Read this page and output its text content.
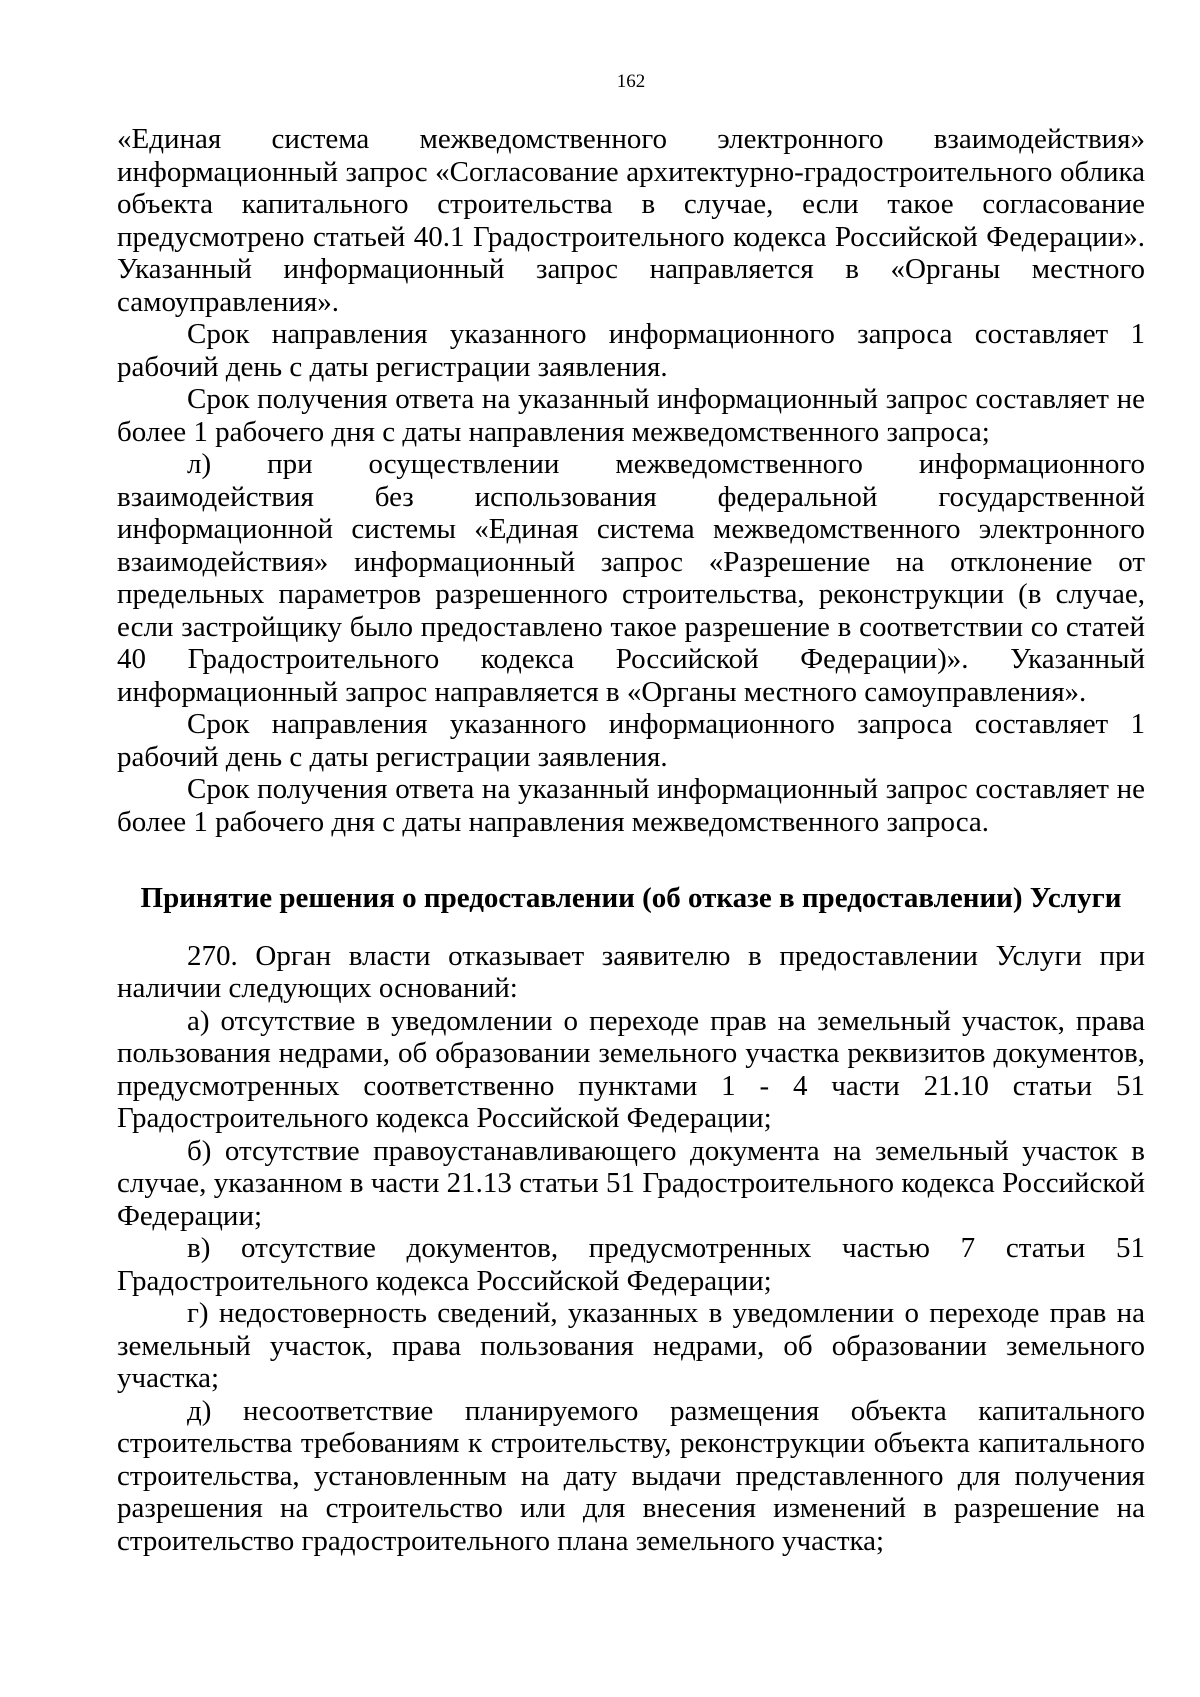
162

«Единая система межведомственного электронного взаимодействия» информационный запрос «Согласование архитектурно-градостроительного облика объекта капитального строительства в случае, если такое согласование предусмотрено статьей 40.1 Градостроительного кодекса Российской Федерации». Указанный информационный запрос направляется в «Органы местного самоуправления».

Срок направления указанного информационного запроса составляет 1 рабочий день с даты регистрации заявления.

Срок получения ответа на указанный информационный запрос составляет не более 1 рабочего дня с даты направления межведомственного запроса;

л) при осуществлении межведомственного информационного взаимодействия без использования федеральной государственной информационной системы «Единая система межведомственного электронного взаимодействия» информационный запрос «Разрешение на отклонение от предельных параметров разрешенного строительства, реконструкции (в случае, если застройщику было предоставлено такое разрешение в соответствии со статей 40 Градостроительного кодекса Российской Федерации)». Указанный информационный запрос направляется в «Органы местного самоуправления».

Срок направления указанного информационного запроса составляет 1 рабочий день с даты регистрации заявления.

Срок получения ответа на указанный информационный запрос составляет не более 1 рабочего дня с даты направления межведомственного запроса.

Принятие решения о предоставлении (об отказе в предоставлении) Услуги

270. Орган власти отказывает заявителю в предоставлении Услуги при наличии следующих оснований:

а) отсутствие в уведомлении о переходе прав на земельный участок, права пользования недрами, об образовании земельного участка реквизитов документов, предусмотренных соответственно пунктами 1 - 4 части 21.10 статьи 51 Градостроительного кодекса Российской Федерации;

б) отсутствие правоустанавливающего документа на земельный участок в случае, указанном в части 21.13 статьи 51 Градостроительного кодекса Российской Федерации;

в) отсутствие документов, предусмотренных частью 7 статьи 51 Градостроительного кодекса Российской Федерации;

г) недостоверность сведений, указанных в уведомлении о переходе прав на земельный участок, права пользования недрами, об образовании земельного участка;

д) несоответствие планируемого размещения объекта капитального строительства требованиям к строительству, реконструкции объекта капитального строительства, установленным на дату выдачи представленного для получения разрешения на строительство или для внесения изменений в разрешение на строительство градостроительного плана земельного участка;
